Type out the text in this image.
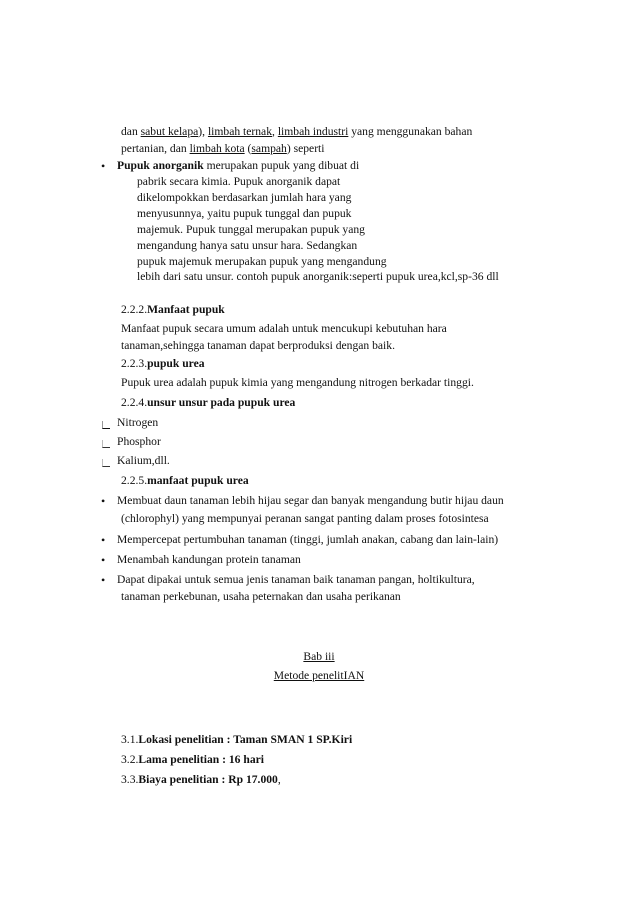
dan sabut kelapa), limbah ternak, limbah industri yang menggunakan bahan
pertanian, dan limbah kota (sampah) seperti
• Pupuk anorganik merupakan pupuk yang dibuat di
pabrik secara kimia. Pupuk anorganik dapat
dikelompokkan berdasarkan jumlah hara yang
menyusunnya, yaitu pupuk tunggal dan pupuk
majemuk. Pupuk tunggal merupakan pupuk yang
mengandung hanya satu unsur hara. Sedangkan
pupuk majemuk merupakan pupuk yang mengandung
lebih dari satu unsur. contoh pupuk anorganik:seperti pupuk urea,kcl,sp-36 dll
2.2.2.Manfaat pupuk
Manfaat pupuk secara umum adalah untuk mencukupi kebutuhan hara
tanaman,sehingga tanaman dapat berproduksi dengan baik.
2.2.3.pupuk urea
Pupuk urea adalah pupuk kimia yang mengandung nitrogen berkadar tinggi.
2.2.4.unsur unsur pada pupuk urea
Nitrogen
Phosphor
Kalium,dll.
2.2.5.manfaat pupuk urea
• Membuat daun tanaman lebih hijau segar dan banyak mengandung butir hijau daun
(chlorophyl) yang mempunyai peranan sangat panting dalam proses fotosintesa
• Mempercepat pertumbuhan tanaman (tinggi, jumlah anakan, cabang dan lain-lain)
• Menambah kandungan protein tanaman
• Dapat dipakai untuk semua jenis tanaman baik tanaman pangan, holtikultura,
tanaman perkebunan, usaha peternakan dan usaha perikanan
Bab iii
Metode penelitIAN
3.1.Lokasi penelitian : Taman SMAN 1 SP.Kiri
3.2.Lama penelitian : 16 hari
3.3.Biaya penelitian : Rp 17.000,
